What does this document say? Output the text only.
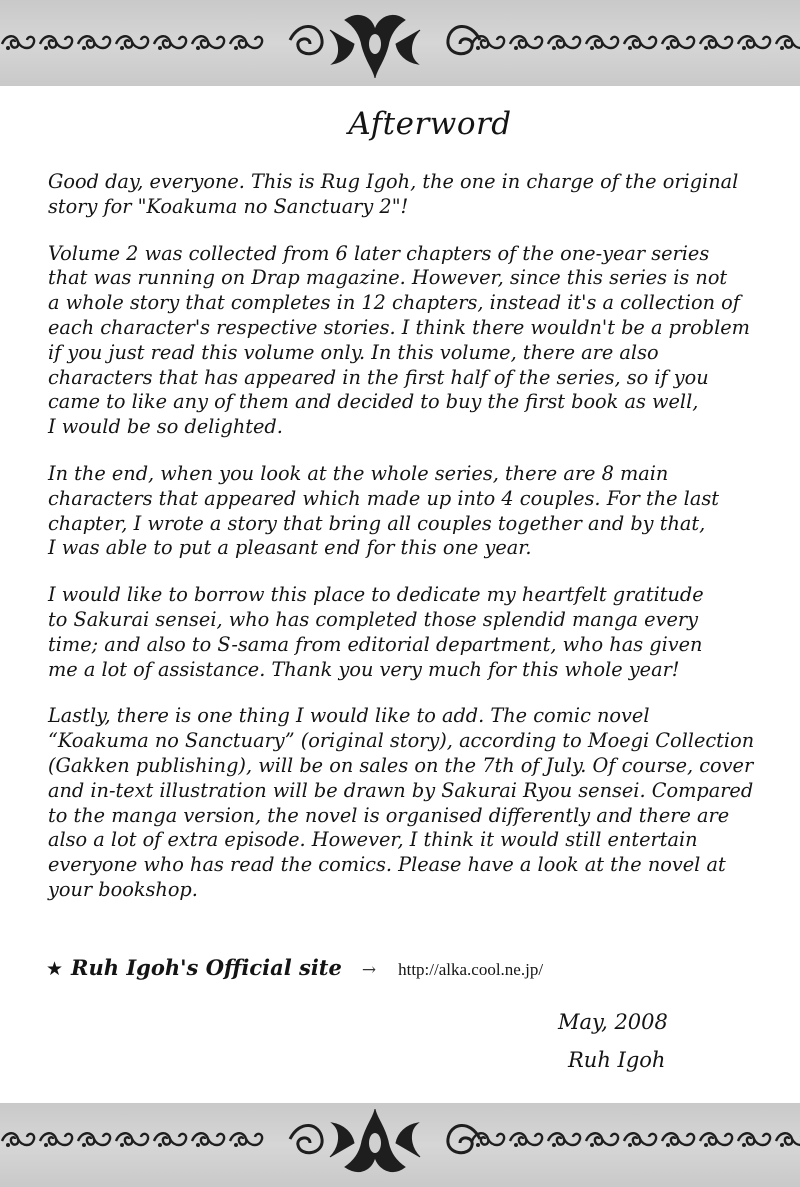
Afterword

Good day, everyone. This is Rug Igoh, the one in charge of the original
story for "Koakuma no Sanctuary 2"!

Volume 2 was collected from 6 later chapters of the one-year series
that was running on Drap magazine. However, since this series is not
a whole story that completes in 12 chapters, instead it's a collection of
each character's respective stories. I think there wouldn't be a problem
if you just read this volume only. In this volume, there are also
characters that has appeared in the first half of the series, so if you
came to like any of them and decided to buy the first book as well,
I would be so delighted.

In the end, when you look at the whole series, there are 8 main
characters that appeared which made up into 4 couples. For the last
chapter, I wrote a story that bring all couples together and by that,
I was able to put a pleasant end for this one year.

I would like to borrow this place to dedicate my heartfelt gratitude
to Sakurai sensei, who has completed those splendid manga every
time; and also to S-sama from editorial department, who has given
me a lot of assistance. Thank you very much for this whole year!

Lastly, there is one thing I would like to add. The comic novel
“Koakuma no Sanctuary” (original story), according to Moegi Collection
(Gakken publishing), will be on sales on the 7th of July. Of course, cover
and in-text illustration will be drawn by Sakurai Ryou sensei. Compared
to the manga version, the novel is organised differently and there are
also a lot of extra episode. However, I think it would still entertain
everyone who has read the comics. Please have a look at the novel at
your bookshop.

★ Ruh Igoh's Official site → http://alka.cool.ne.jp/
May, 2008
Ruh Igoh
